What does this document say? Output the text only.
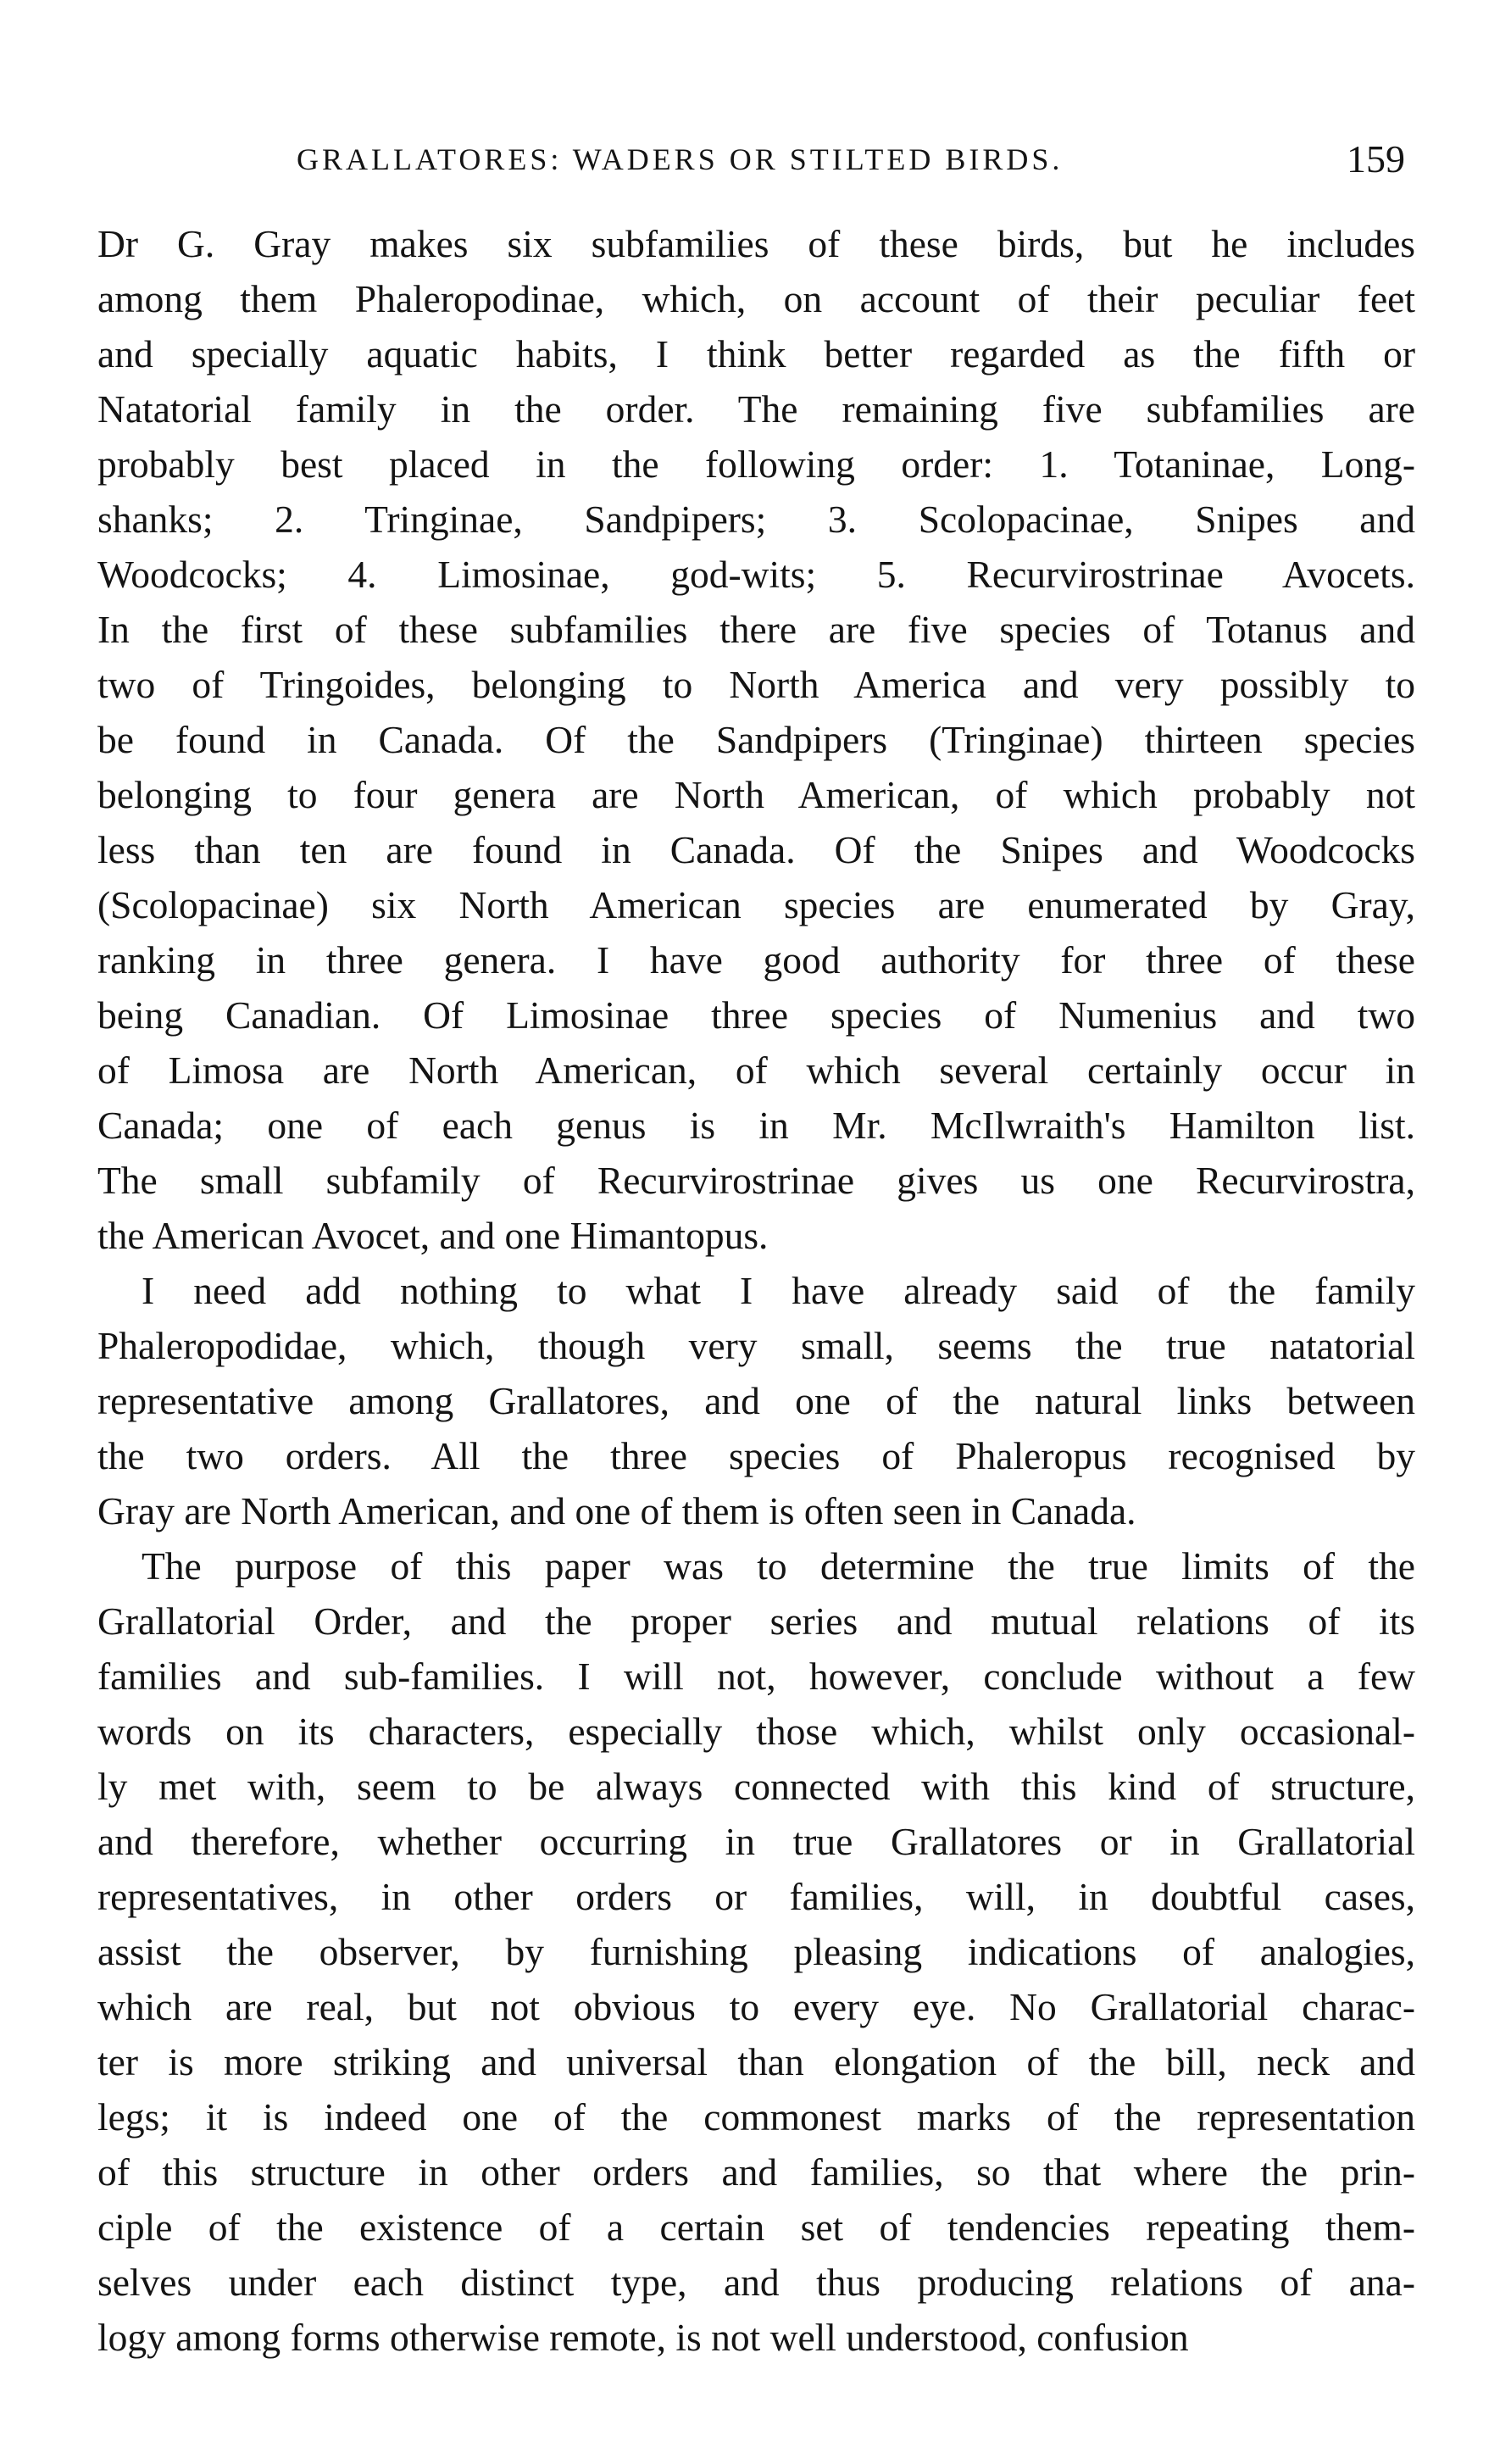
GRALLATORES: WADERS OR STILTED BIRDS.	159
Dr G. Gray makes six subfamilies of these birds, but he includes
among them Phaleropodinae, which, on account of their peculiar feet
and specially aquatic habits, I think better regarded as the fifth or
Natatorial family in the order. The remaining five subfamilies are
probably best placed in the following order: 1. Totaninae, Long-
shanks; 2. Tringinae, Sandpipers; 3. Scolopacinae, Snipes and
Woodcocks; 4. Limosinae, god-wits; 5. Recurvirostrinae Avocets.
In the first of these subfamilies there are five species of Totanus and
two of Tringoides, belonging to North America and very possibly to
be found in Canada. Of the Sandpipers (Tringinae) thirteen species
belonging to four genera are North American, of which probably not
less than ten are found in Canada. Of the Snipes and Woodcocks
(Scolopacinae) six North American species are enumerated by Gray,
ranking in three genera. I have good authority for three of these
being Canadian. Of Limosinae three species of Numenius and two
of Limosa are North American, of which several certainly occur in
Canada; one of each genus is in Mr. McIlwraith's Hamilton list.
The small subfamily of Recurvirostrinae gives us one Recurvirostra,
the American Avocet, and one Himantopus.
I need add nothing to what I have already said of the family
Phaleropodidae, which, though very small, seems the true natatorial
representative among Grallatores, and one of the natural links between
the two orders. All the three species of Phaleropus recognised by
Gray are North American, and one of them is often seen in Canada.
The purpose of this paper was to determine the true limits of the
Grallatorial Order, and the proper series and mutual relations of its
families and sub-families. I will not, however, conclude without a few
words on its characters, especially those which, whilst only occasional-
ly met with, seem to be always connected with this kind of structure,
and therefore, whether occurring in true Grallatores or in Grallatorial
representatives, in other orders or families, will, in doubtful cases,
assist the observer, by furnishing pleasing indications of analogies,
which are real, but not obvious to every eye. No Grallatorial charac-
ter is more striking and universal than elongation of the bill, neck and
legs; it is indeed one of the commonest marks of the representation
of this structure in other orders and families, so that where the prin-
ciple of the existence of a certain set of tendencies repeating them-
selves under each distinct type, and thus producing relations of ana-
logy among forms otherwise remote, is not well understood, confusion
